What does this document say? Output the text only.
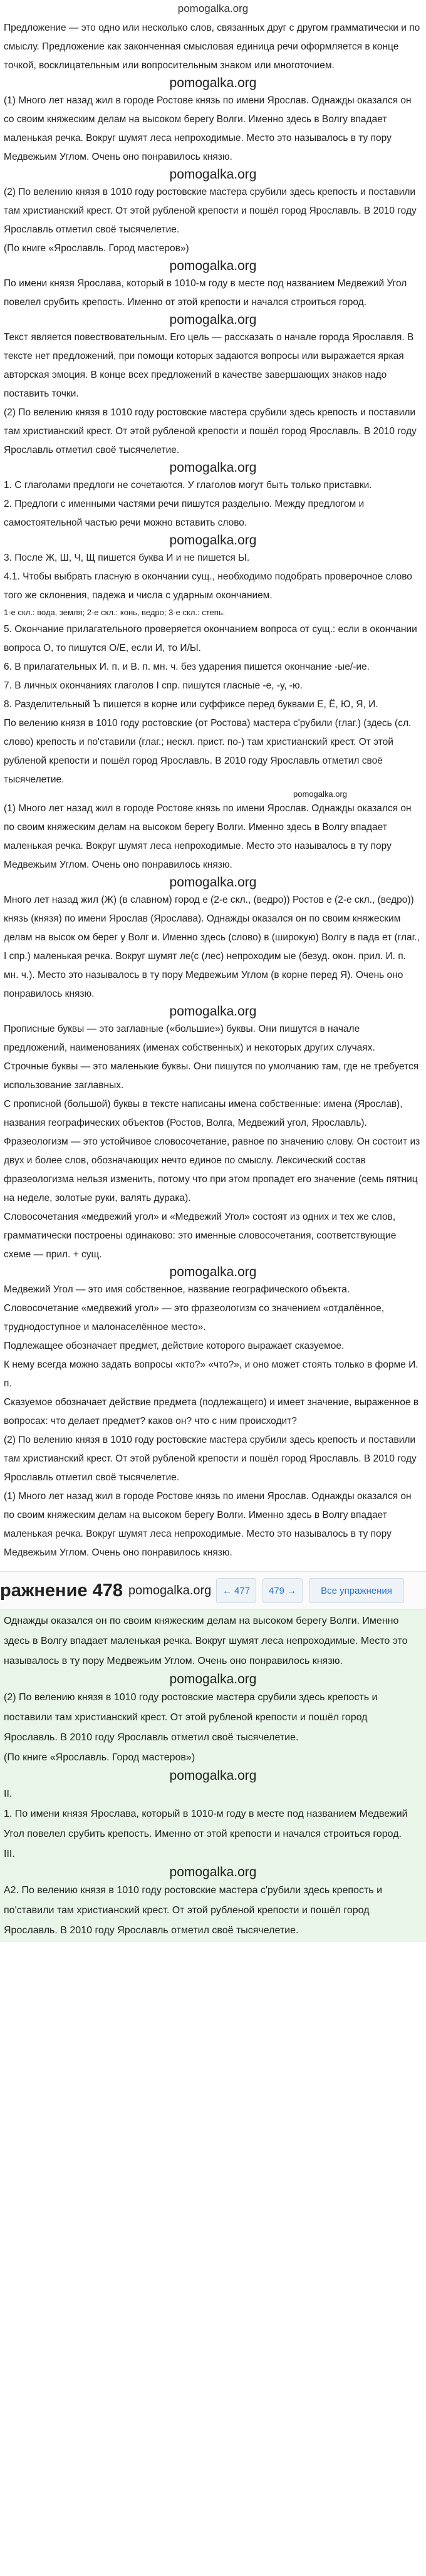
pomogalka.org

Предложение — это одно или несколько слов, связанных друг с другом грамматически и по смыслу. Предложение как законченная смысловая единица речи оформляется в конце точкой, восклицательным или вопросительным знаком или многоточием.

pomogalka.org

(1) Много лет назад жил в городе Ростове князь по имени Ярослав. Однажды оказался он со своим княжеским делам на высоком берегу Волги. Именно здесь в Волгу впадает маленькая речка. Вокруг шумят леса непроходимые. Место это называлось в ту пору Медвежьим Углом. Очень оно понравилось князю.

pomogalka.org

(2) По велению князя в 1010 году ростовские мастера срубили здесь крепость и поставили там христианский крест. От этой рубленой крепости и пошёл город Ярославль. В 2010 году Ярославль отметил своё тысячелетие.

(По книге «Ярославль. Город мастеров»)

pomogalka.org

По имени князя Ярослава, который в 1010-м году в месте под названием Медвежий Угол повелел срубить крепость. Именно от этой крепости и начался строиться город.

pomogalka.org

Текст является повествовательным. Его цель — рассказать о начале города Ярославля. В тексте нет предложений, при помощи которых задаются вопросы или выражается яркая авторская эмоция. В конце всех предложений в качестве завершающих знаков надо поставить точки.

(2) По велению князя в 1010 году ростовские мастера срубили здесь крепость и поставили там христианский крест. От этой рубленой крепости и пошёл город Ярославль. В 2010 году Ярославль отметил своё тысячелетие.

pomogalka.org

1. С глаголами предлоги не сочетаются. У глаголов могут быть только приставки.

2. Предлоги с именными частями речи пишутся раздельно. Между предлогом и самостоятельной частью речи можно вставить слово.

pomogalka.org

3. После Ж, Ш, Ч, Щ пишется буква И и не пишется Ы.

4.1. Чтобы выбрать гласную в окончании сущ., необходимо подобрать проверочное слово того же склонения, падежа и числа с ударным окончанием.

1-е скл.: вода, земля; 2-е скл.: конь, ведро; 3-е скл.: степь.

5. Окончание прилагательного проверяется окончанием вопроса от сущ.: если в окончании вопроса О, то пишутся О/Е, если И, то И/Ы.

6. В прилагательных И. п. и В. п. мн. ч. без ударения пишется окончание -ые/-ие.

7. В личных окончаниях глаголов I спр. пишутся гласные -е, -у, -ю.

8. Разделительный Ъ пишется в корне или суффиксе перед буквами Е, Ё, Ю, Я, И.

По велению князя в 1010 году ростовские (от Ростова) мастера с'рубили (глаг.) (здесь (сл. слово) крепость и по'ставили (глаг.; нескл. прист. по-) там христианский крест. От этой рубленой крепости и пошёл город Ярославль. В 2010 году Ярославль отметил своё тысячелетие.

pomogalka.org

(1) Много лет назад жил в городе Ростове князь по имени Ярослав. Однажды оказался он по своим княжеским делам на высоком берегу Волги. Именно здесь в Волгу впадает маленькая речка. Вокруг шумят леса непроходимые. Место это называлось в ту пору Медвежьим Углом. Очень оно понравилось князю.

pomogalka.org

Много лет назад жил (Ж) (в славном) город е (2-е скл., (ведро)) Ростов е (2-е скл., (ведро)) князь (князя) по имени Ярослав (Ярослава). Однажды оказался он по своим княжеским делам на высок ом берег у Волг и. Именно здесь (слово) в (широкую) Волгу в пада ет (глаг., I спр.) маленькая речка. Вокруг шумят ле(с (лес) непроходим ые (безуд. окон. прил. И. п. мн. ч.). Место это называлось в ту пору Медвежьим Углом (в корне перед Я). Очень оно понравилось князю.

pomogalka.org

Прописные буквы — это заглавные («большие») буквы. Они пишутся в начале предложений, наименованиях (именах собственных) и некоторых других случаях.

Строчные буквы — это маленькие буквы. Они пишутся по умолчанию там, где не требуется использование заглавных.

С прописной (большой) буквы в тексте написаны имена собственные: имена (Ярослав), названия географических объектов (Ростов, Волга, Медвежий угол, Ярославль).

Фразеологизм — это устойчивое словосочетание, равное по значению слову. Он состоит из двух и более слов, обозначающих нечто единое по смыслу. Лексический состав фразеологизма нельзя изменить, потому что при этом пропадет его значение (семь пятниц на неделе, золотые руки, валять дурака).

Словосочетания «медвежий угол» и «Медвежий Угол» состоят из одних и тех же слов, грамматически построены одинаково: это именные словосочетания, соответствующие схеме — прил. + сущ.

pomogalka.org

Медвежий Угол — это имя собственное, название географического объекта.

Словосочетание «медвежий угол» — это фразеологизм со значением «отдалённое, труднодоступное и малонаселённое место».

Подлежащее обозначает предмет, действие которого выражает сказуемое.

К нему всегда можно задать вопросы «кто?» «что?», и оно может стоять только в форме И. п.

Сказуемое обозначает действие предмета (подлежащего) и имеет значение, выраженное в вопросах: что делает предмет? каков он? что с ним происходит?

(2) По велению князя в 1010 году ростовские мастера срубили здесь крепость и поставили там христианский крест. От этой рубленой крепости и пошёл город Ярославль. В 2010 году Ярославль отметил своё тысячелетие.

(1) Много лет назад жил в городе Ростове князь по имени Ярослав. Однажды оказался он по своим княжеским делам на высоком берегу Волги. Именно здесь в Волгу впадает маленькая речка. Вокруг шумят леса непроходимые. Место это называлось в ту пору Медвежьим Углом. Очень оно понравилось князю.

ражнение 478 pomogalka.org	← 477	479 →	Все упражнения

Однажды оказался он по своим княжеским делам на высоком берегу Волги. Именно здесь в Волгу впадает маленькая речка. Вокруг шумят леса непроходимые. Место это называлось в ту пору Медвежьим Углом. Очень оно понравилось князю.

pomogalka.org

(2) По велению князя в 1010 году ростовские мастера срубили здесь крепость и поставили там христианский крест. От этой рубленой крепости и пошёл город Ярославль. В 2010 году Ярославль отметил своё тысячелетие.

(По книге «Ярославль. Город мастеров»)

pomogalka.org

II.

1. По имени князя Ярослава, который в 1010-м году в месте под названием Медвежий Угол повелел срубить крепость. Именно от этой крепости и начался строиться город.

III.

pomogalka.org

А2. По велению князя в 1010 году ростовские мастера с'рубили здесь крепость и по'ставили там христианский крест. От этой рубленой крепости и пошёл город Ярославль. В 2010 году Ярославль отметил своё тысячелетие.
